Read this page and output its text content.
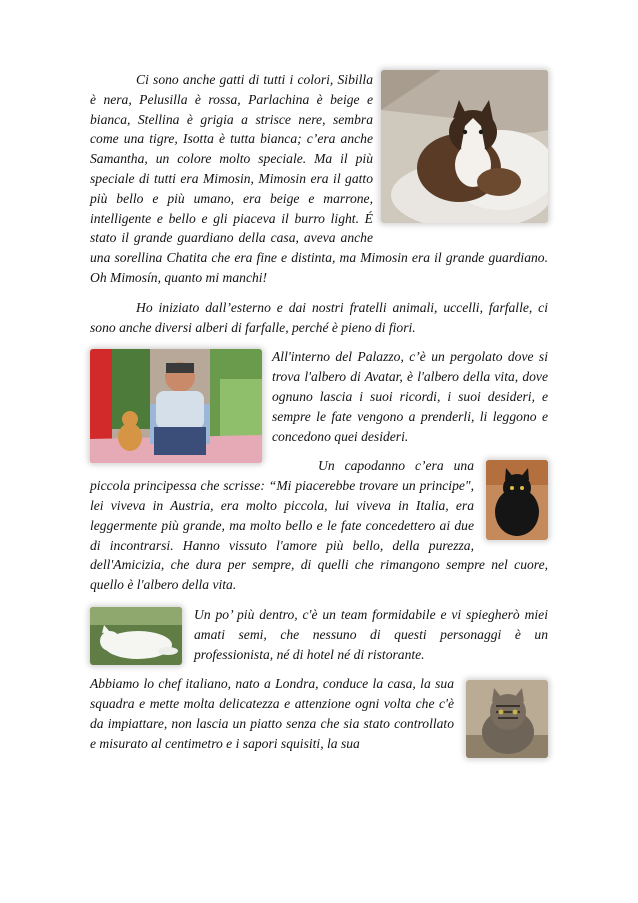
Ci sono anche gatti di tutti i colori, Sibilla è nera, Pelusilla è rossa, Parlachina è beige e bianca, Stellina è grigia a strisce nere, sembra come una tigre, Isotta è tutta bianca; c’era anche Samantha, un colore molto speciale. Ma il più speciale di tutti era Mimosin, Mimosin era il gatto più bello e più umano, era beige e marrone, intelligente e bello e gli piaceva il burro light. É stato il grande guardiano della casa, aveva anche una sorellina Chatita che era fine e distinta, ma Mimosin era il grande guardiano. Oh Mimosín, quanto mi manchi!

Ho iniziato dall’esterno e dai nostri fratelli animali, uccelli, farfalle, ci sono anche diversi alberi di farfalle, perché è pieno di fiori.

All'interno del Palazzo, c’è un pergolato dove si trova l'albero di Avatar, è l'albero della vita, dove ognuno lascia i suoi ricordi, i suoi desideri, e sempre le fate vengono a prenderli, li leggono e concedono quei desideri.

Un capodanno c’era una piccola principessa che scrisse: “Mi piacerebbe trovare un principe", lei viveva in Austria, era molto piccola, lui viveva in Italia, era leggermente più grande, ma molto bello e le fate concedettero ai due di incontrarsi. Hanno vissuto l'amore più bello, della purezza, dell'Amicizia, che dura per sempre, di quelli che rimangono sempre nel cuore, quello è l'albero della vita.

Un po’ più dentro, c'è un team formidabile e vi spiegherò miei amati semi, che nessuno di questi personaggi è un professionista, né di hotel né di ristorante.

Abbiamo lo chef italiano, nato a Londra, conduce la casa, la sua squadra e mette molta delicatezza e attenzione ogni volta che c'è da impiattare, non lascia un piatto senza che sia stato controllato e misurato al centimetro e i sapori squisiti, la sua
